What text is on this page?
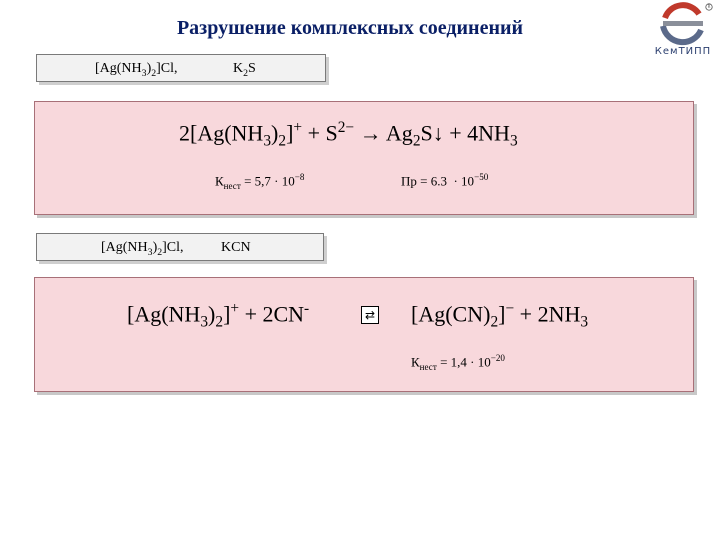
Разрушение комплексных соединений
R
КемТИПП
$[Ag(NH_3)_2]Cl$,	$K_2S$
$2[Ag(NH_3)_2]^+ + S^{2-}$ → $Ag_2S↓ + 4NH_3$
$К_{нест} = 5,7 \cdot 10^{-8}$	Пр = $6.3 \cdot 10^{-50}$
$[Ag(NH_3)_2]Cl$,	KCN
$[Ag(NH_3)_2]^+ + 2CN^-$	⇄ $[Ag(CN)_2]^- + 2NH_3$
$К_{нест} = 1,4 \cdot 10^{-20}$
